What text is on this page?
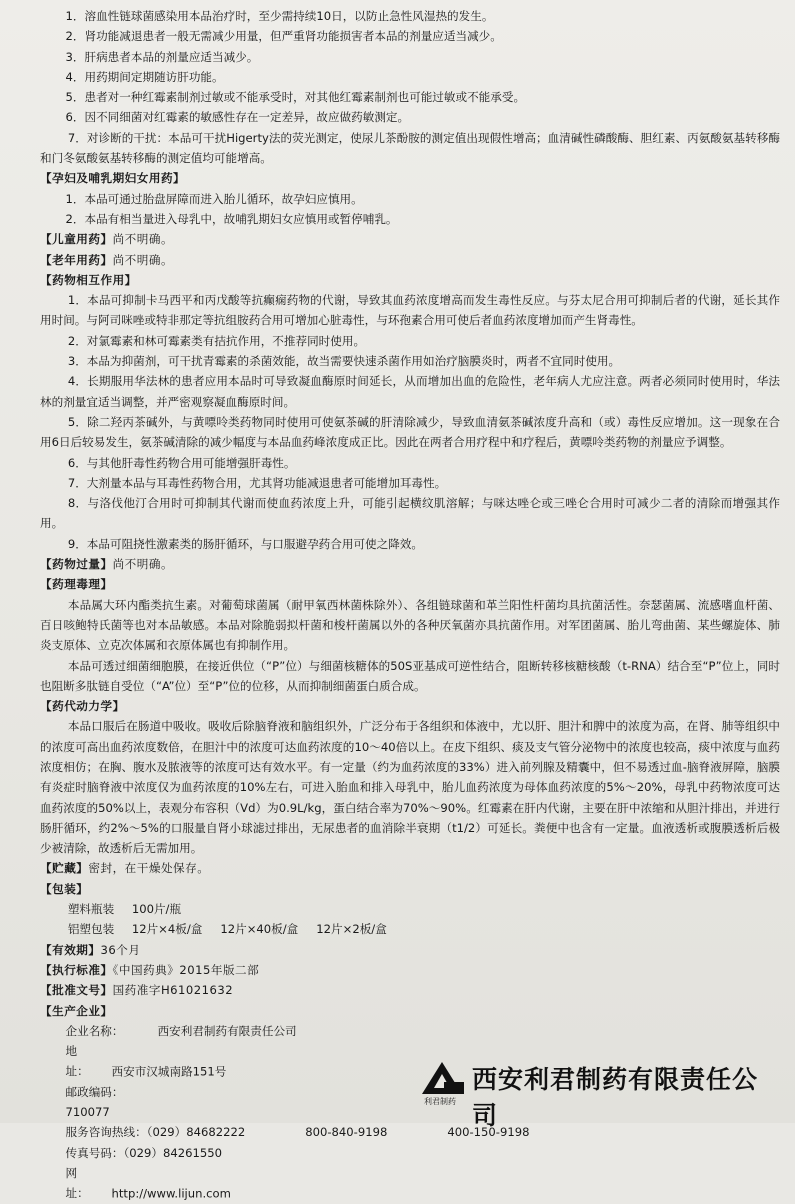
1．溶血性链球菌感染用本品治疗时，至少需持续10日，以防止急性风湿热的发生。

2．肾功能减退患者一般无需减少用量，但严重肾功能损害者本品的剂量应适当减少。

3．肝病患者本品的剂量应适当减少。

4．用药期间定期随访肝功能。

5．患者对一种红霉素制剂过敏或不能承受时，对其他红霉素制剂也可能过敏或不能承受。

6．因不同细菌对红霉素的敏感性存在一定差异，故应做药敏测定。

7．对诊断的干扰：本品可干扰Higerty法的荧光测定，使尿儿茶酚胺的测定值出现假性增高；血清碱性磷酸酶、胆红素、丙氨酸氨基转移酶和门冬氨酸氨基转移酶的测定值均可能增高。

【孕妇及哺乳期妇女用药】

1．本品可通过胎盘屏障而进入胎儿循环，故孕妇应慎用。

2．本品有相当量进入母乳中，故哺乳期妇女应慎用或暂停哺乳。

【儿童用药】尚不明确。

【老年用药】尚不明确。

【药物相互作用】

1．本品可抑制卡马西平和丙戊酸等抗癫痫药物的代谢，导致其血药浓度增高而发生毒性反应。与芬太尼合用可抑制后者的代谢，延长其作用时间。与阿司咪唑或特非那定等抗组胺药合用可增加心脏毒性，与环孢素合用可使后者血药浓度增加而产生肾毒性。

2．对氯霉素和林可霉素类有拮抗作用，不推荐同时使用。

3．本品为抑菌剂，可干扰青霉素的杀菌效能，故当需要快速杀菌作用如治疗脑膜炎时，两者不宜同时使用。

4．长期服用华法林的患者应用本品时可导致凝血酶原时间延长，从而增加出血的危险性，老年病人尤应注意。两者必须同时使用时，华法林的剂量宜适当调整，并严密观察凝血酶原时间。

5．除二羟丙茶碱外，与黄嘌呤类药物同时使用可使氨茶碱的肝清除减少，导致血清氨茶碱浓度升高和（或）毒性反应增加。这一现象在合用6日后较易发生，氨茶碱清除的减少幅度与本品血药峰浓度成正比。因此在两者合用疗程中和疗程后，黄嘌呤类药物的剂量应予调整。

6．与其他肝毒性药物合用可能增强肝毒性。

7．大剂量本品与耳毒性药物合用，尤其肾功能减退患者可能增加耳毒性。

8．与洛伐他汀合用时可抑制其代谢而使血药浓度上升，可能引起横纹肌溶解；与咪达唑仑或三唑仑合用时可减少二者的清除而增强其作用。

9．本品可阻挠性激素类的肠肝循环，与口服避孕药合用可使之降效。

【药物过量】尚不明确。

【药理毒理】

本品属大环内酯类抗生素。对葡萄球菌属（耐甲氧西林菌株除外）、各组链球菌和革兰阳性杆菌均具抗菌活性。奈瑟菌属、流感嗜血杆菌、百日咳鲍特氏菌等也对本品敏感。本品对除脆弱拟杆菌和梭杆菌属以外的各种厌氧菌亦具抗菌作用。对军团菌属、胎儿弯曲菌、某些螺旋体、肺炎支原体、立克次体属和衣原体属也有抑制作用。

本品可透过细菌细胞膜，在接近供位（“P”位）与细菌核糖体的50S亚基成可逆性结合，阻断转移核糖核酸（t-RNA）结合至“P”位上，同时也阻断多肽链自受位（“A”位）至“P”位的位移，从而抑制细菌蛋白质合成。

【药代动力学】

本品口服后在肠道中吸收。吸收后除脑脊液和脑组织外，广泛分布于各组织和体液中，尤以肝、胆汁和脾中的浓度为高，在肾、肺等组织中的浓度可高出血药浓度数倍，在胆汁中的浓度可达血药浓度的10～40倍以上。在皮下组织、痰及支气管分泌物中的浓度也较高，痰中浓度与血药浓度相仿；在胸、腹水及脓液等的浓度可达有效水平。有一定量（约为血药浓度的33%）进入前列腺及精囊中，但不易透过血-脑脊液屏障，脑膜有炎症时脑脊液中浓度仅为血药浓度的10%左右，可进入胎血和排入母乳中，胎儿血药浓度为母体血药浓度的5%～20%，母乳中药物浓度可达血药浓度的50%以上，表观分布容积（Vd）为0.9L/kg，蛋白结合率为70%～90%。红霉素在肝内代谢，主要在肝中浓缩和从胆汁排出，并进行肠肝循环，约2%～5%的口服量自肾小球滤过排出，无尿患者的血消除半衰期（t1/2）可延长。粪便中也含有一定量。血液透析或腹膜透析后极少被清除，故透析后无需加用。

【贮藏】密封，在干燥处保存。

【包装】

塑料瓶装 100片/瓶

铝塑包装 12片×4板/盒 12片×40板/盒 12片×2板/盒

【有效期】36个月

【执行标准】《中国药典》2015年版二部

【批准文号】国药准字H61021632

【生产企业】

企业名称：	西安利君制药有限责任公司

地　址： 西安市汉城南路151号

邮政编码：
710077

服务咨询热线：（029）84682222	800-840-9198	400-150-9198

传真号码：（029）84261550

网　址： http://www.lijun.com

西安利君制药有限责任公司
利君制药
